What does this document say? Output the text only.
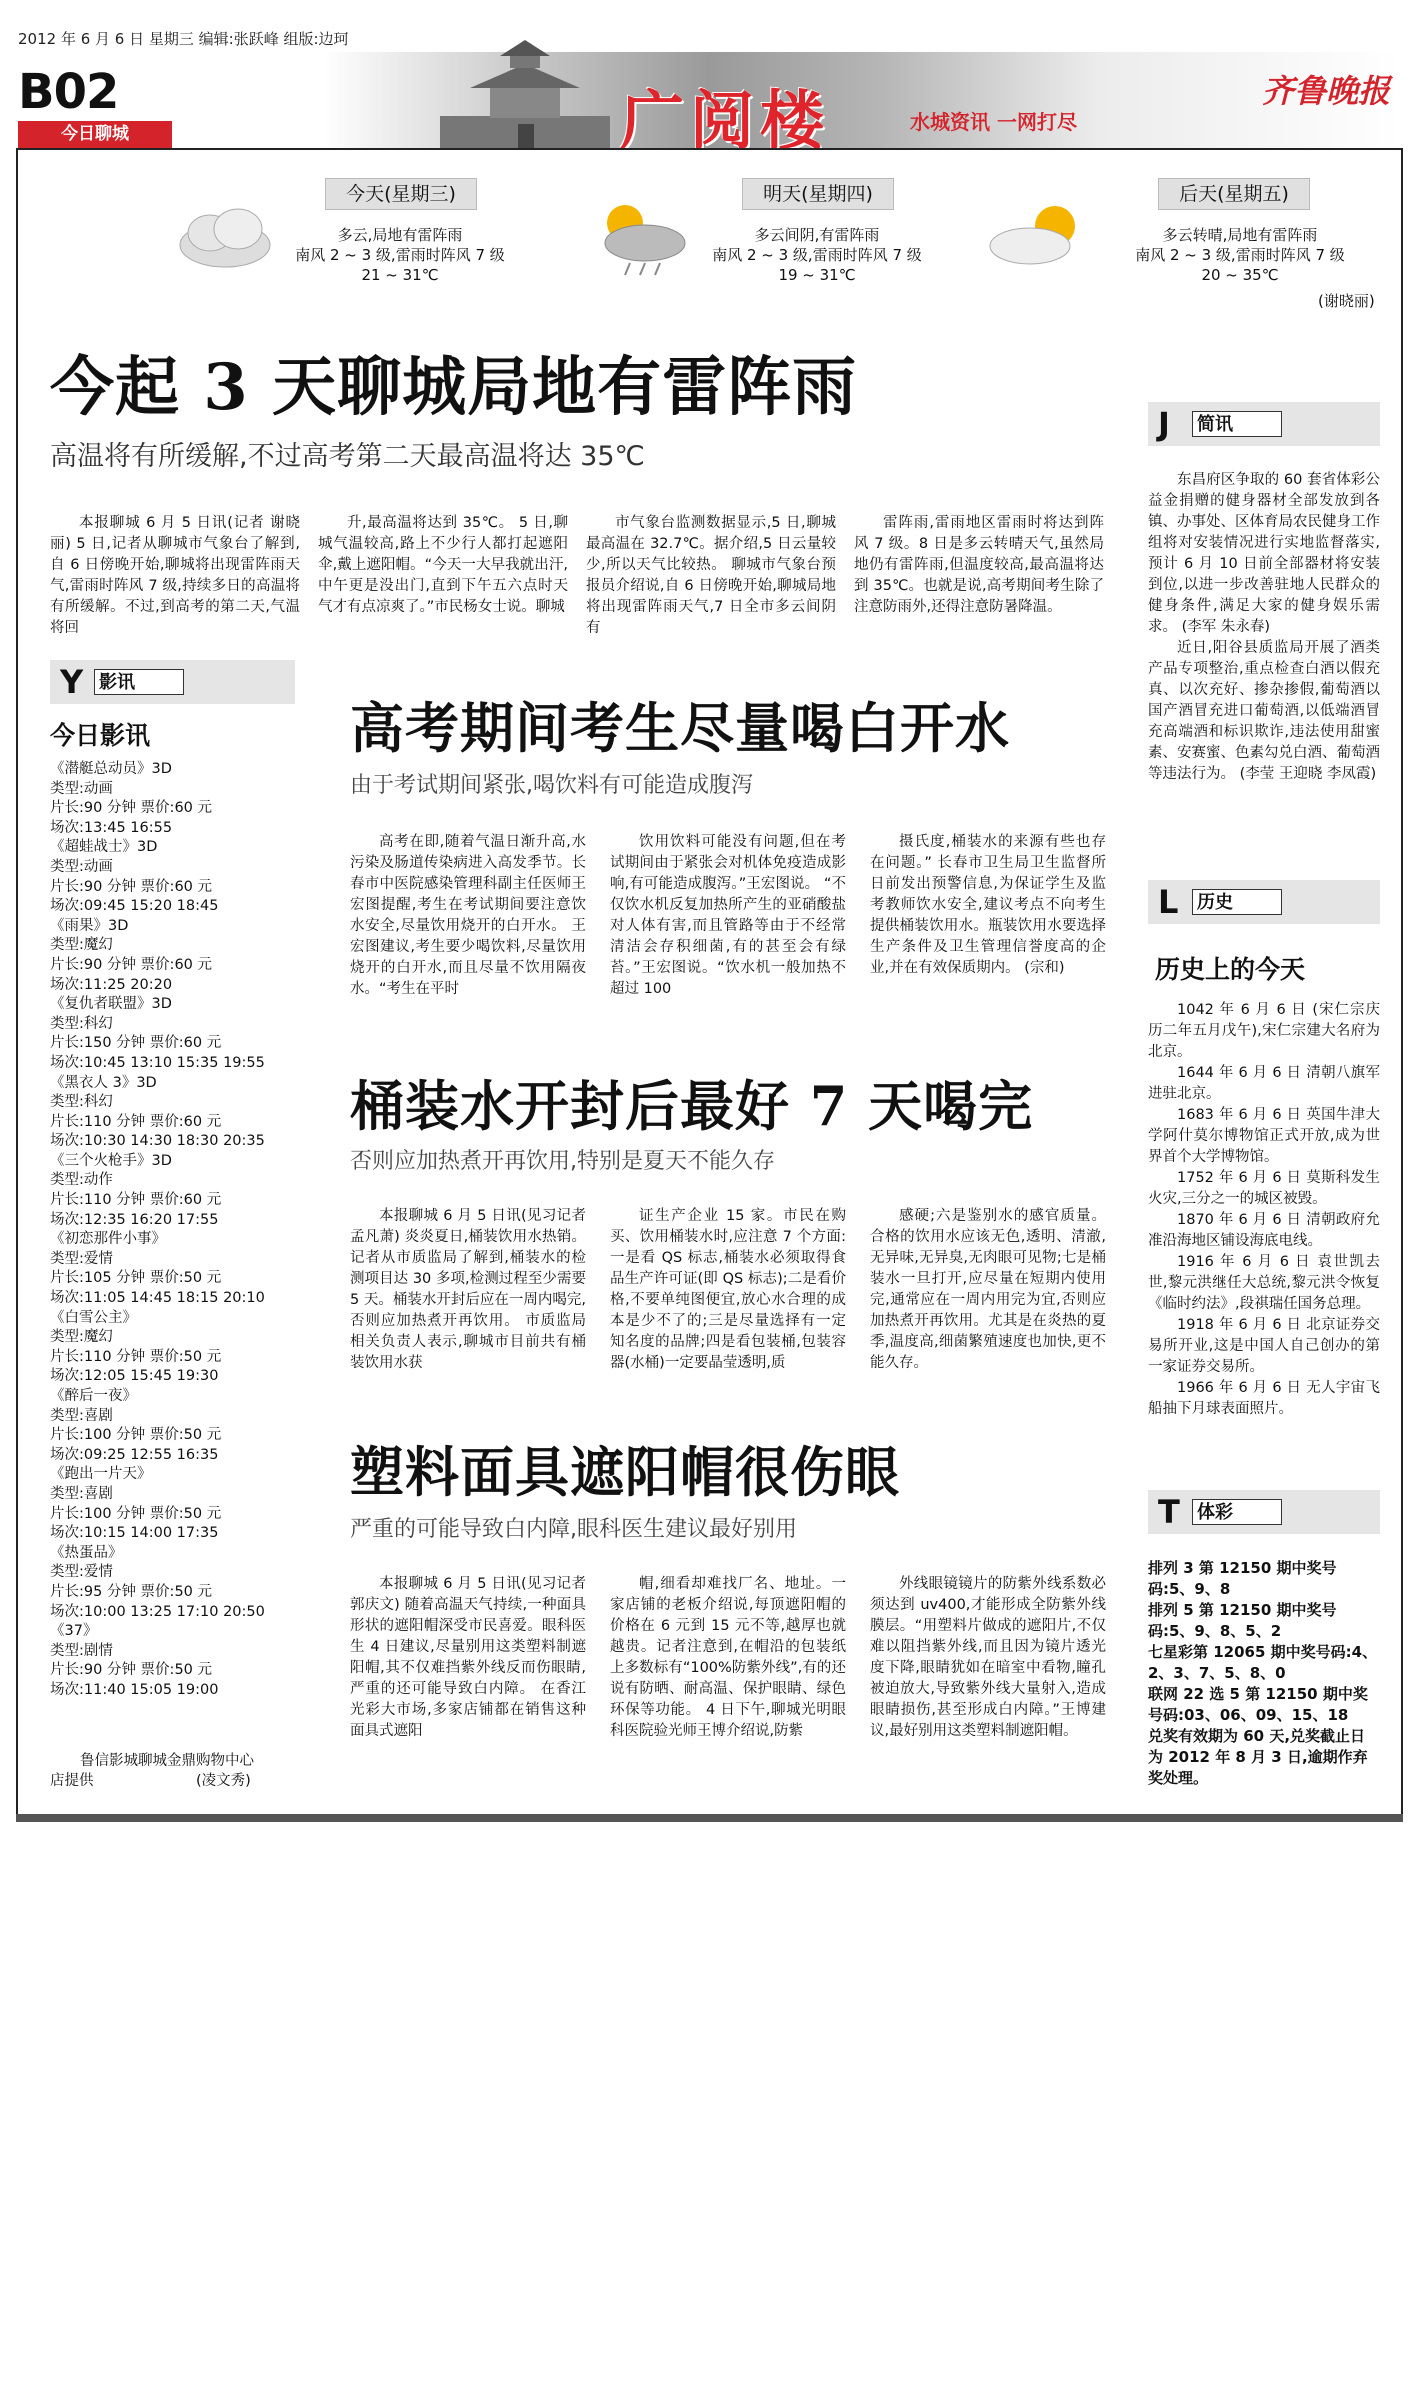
2012 年 6 月 6 日 星期三 编辑:张跃峰 组版:边珂
B02
今日聊城	广阅楼	水城资讯 一网打尽
齐鲁晚报
今天(星期三)
多云,局地有雷阵雨
南风 2 ~ 3 级,雷雨时阵风 7 级
21 ~ 31℃
明天(星期四)
多云间阴,有雷阵雨
南风 2 ~ 3 级,雷雨时阵风 7 级
19 ~ 31℃
后天(星期五)
多云转晴,局地有雷阵雨
南风 2 ~ 3 级,雷雨时阵风 7 级
20 ~ 35℃
(谢晓丽)
今起 3 天聊城局地有雷阵雨
高温将有所缓解,不过高考第二天最高温将达 35℃

本报聊城 6 月 5 日讯(记者 谢晓丽) 5 日,记者从聊城市气象台了解到,自 6 日傍晚开始,聊城将出现雷阵雨天气,雷雨时阵风 7 级,持续多日的高温将有所缓解。不过,到高考的第二天,气温将回

升,最高温将达到 35℃。 5 日,聊城气温较高,路上不少行人都打起遮阳伞,戴上遮阳帽。“今天一大早我就出汗,中午更是没出门,直到下午五六点时天气才有点凉爽了。”市民杨女士说。聊城

市气象台监测数据显示,5 日,聊城最高温在 32.7℃。据介绍,5 日云量较少,所以天气比较热。 聊城市气象台预报员介绍说,自 6 日傍晚开始,聊城局地将出现雷阵雨天气,7 日全市多云间阴有

雷阵雨,雷雨地区雷雨时将达到阵风 7 级。8 日是多云转晴天气,虽然局地仍有雷阵雨,但温度较高,最高温将达到 35℃。也就是说,高考期间考生除了注意防雨外,还得注意防暑降温。

高考期间考生尽量喝白开水
由于考试期间紧张,喝饮料有可能造成腹泻

高考在即,随着气温日渐升高,水污染及肠道传染病进入高发季节。长春市中医院感染管理科副主任医师王宏图提醒,考生在考试期间要注意饮水安全,尽量饮用烧开的白开水。 王宏图建议,考生要少喝饮料,尽量饮用烧开的白开水,而且尽量不饮用隔夜水。“考生在平时

饮用饮料可能没有问题,但在考试期间由于紧张会对机体免疫造成影响,有可能造成腹泻。”王宏图说。 “不仅饮水机反复加热所产生的亚硝酸盐对人体有害,而且管路等由于不经常清洁会存积细菌,有的甚至会有绿苔。”王宏图说。“饮水机一般加热不超过 100

摄氏度,桶装水的来源有些也存在问题。” 长春市卫生局卫生监督所日前发出预警信息,为保证学生及监考教师饮水安全,建议考点不向考生提供桶装饮用水。瓶装饮用水要选择生产条件及卫生管理信誉度高的企业,并在有效保质期内。 (宗和)

桶装水开封后最好 7 天喝完
否则应加热煮开再饮用,特别是夏天不能久存

本报聊城 6 月 5 日讯(见习记者 孟凡萧) 炎炎夏日,桶装饮用水热销。记者从市质监局了解到,桶装水的检测项目达 30 多项,检测过程至少需要 5 天。桶装水开封后应在一周内喝完,否则应加热煮开再饮用。 市质监局相关负责人表示,聊城市目前共有桶装饮用水获

证生产企业 15 家。市民在购买、饮用桶装水时,应注意 7 个方面:一是看 QS 标志,桶装水必须取得食品生产许可证(即 QS 标志);二是看价格,不要单纯图便宜,放心水合理的成本是少不了的;三是尽量选择有一定知名度的品牌;四是看包装桶,包装容器(水桶)一定要晶莹透明,质

感硬;六是鉴别水的感官质量。合格的饮用水应该无色,透明、清澈,无异味,无异臭,无肉眼可见物;七是桶装水一旦打开,应尽量在短期内使用完,通常应在一周内用完为宜,否则应加热煮开再饮用。尤其是在炎热的夏季,温度高,细菌繁殖速度也加快,更不能久存。

塑料面具遮阳帽很伤眼
严重的可能导致白内障,眼科医生建议最好别用

本报聊城 6 月 5 日讯(见习记者 郭庆文) 随着高温天气持续,一种面具形状的遮阳帽深受市民喜爱。眼科医生 4 日建议,尽量别用这类塑料制遮阳帽,其不仅难挡紫外线反而伤眼睛,严重的还可能导致白内障。 在香江光彩大市场,多家店铺都在销售这种面具式遮阳

帽,细看却难找厂名、地址。一家店铺的老板介绍说,每顶遮阳帽的价格在 6 元到 15 元不等,越厚也就越贵。记者注意到,在帽沿的包装纸上多数标有“100%防紫外线”,有的还说有防晒、耐高温、保护眼睛、绿色环保等功能。 4 日下午,聊城光明眼科医院验光师王博介绍说,防紫

外线眼镜镜片的防紫外线系数必须达到 uv400,才能形成全防紫外线膜层。“用塑料片做成的遮阳片,不仅难以阻挡紫外线,而且因为镜片透光度下降,眼睛犹如在暗室中看物,瞳孔被迫放大,导致紫外线大量射入,造成眼睛损伤,甚至形成白内障。”王博建议,最好别用这类塑料制遮阳帽。

Y 影讯
今日影讯
《潜艇总动员》3D
类型:动画
片长:90 分钟 票价:60 元
场次:13:45 16:55
《超蛙战士》3D
类型:动画
片长:90 分钟 票价:60 元
场次:09:45 15:20 18:45
《雨果》3D
类型:魔幻
片长:90 分钟 票价:60 元
场次:11:25 20:20
《复仇者联盟》3D
类型:科幻
片长:150 分钟 票价:60 元
场次:10:45 13:10 15:35 19:55
《黑衣人 3》3D
类型:科幻
片长:110 分钟 票价:60 元
场次:10:30 14:30 18:30 20:35
《三个火枪手》3D
类型:动作
片长:110 分钟 票价:60 元
场次:12:35 16:20 17:55
《初恋那件小事》
类型:爱情
片长:105 分钟 票价:50 元
场次:11:05 14:45 18:15 20:10
《白雪公主》
类型:魔幻
片长:110 分钟 票价:50 元
场次:12:05 15:45 19:30
《醉后一夜》
类型:喜剧
片长:100 分钟 票价:50 元
场次:09:25 12:55 16:35
《跑出一片天》
类型:喜剧
片长:100 分钟 票价:50 元
场次:10:15 14:00 17:35
《热蛋品》
类型:爱情
片长:95 分钟 票价:50 元
场次:10:00 13:25 17:10 20:50
《37》
类型:剧情
片长:90 分钟 票价:50 元
场次:11:40 15:05 19:00
鲁信影城聊城金鼎购物中心
店提供	(凌文秀)
J 简讯

东昌府区争取的 60 套省体彩公益金捐赠的健身器材全部发放到各镇、办事处、区体育局农民健身工作组将对安装情况进行实地监督落实,预计 6 月 10 日前全部器材将安装到位,以进一步改善驻地人民群众的健身条件,满足大家的健身娱乐需求。 (李军 朱永春)

近日,阳谷县质监局开展了酒类产品专项整治,重点检查白酒以假充真、以次充好、掺杂掺假,葡萄酒以国产酒冒充进口葡萄酒,以低端酒冒充高端酒和标识欺诈,违法使用甜蜜素、安赛蜜、色素勾兑白酒、葡萄酒等违法行为。 (李莹 王迎晓 李凤霞)

L 历史
历史上的今天

1042 年 6 月 6 日 (宋仁宗庆历二年五月戊午),宋仁宗建大名府为北京。

1644 年 6 月 6 日 清朝八旗军进驻北京。

1683 年 6 月 6 日 英国牛津大学阿什莫尔博物馆正式开放,成为世界首个大学博物馆。

1752 年 6 月 6 日 莫斯科发生火灾,三分之一的城区被毁。

1870 年 6 月 6 日 清朝政府允准沿海地区铺设海底电线。

1916 年 6 月 6 日 袁世凯去世,黎元洪继任大总统,黎元洪令恢复《临时约法》,段祺瑞任国务总理。

1918 年 6 月 6 日 北京证券交易所开业,这是中国人自己创办的第一家证券交易所。

1966 年 6 月 6 日 无人宇宙飞船抽下月球表面照片。

T 体彩
排列 3 第 12150 期中奖号码:5、9、8
排列 5 第 12150 期中奖号码:5、9、8、5、2
七星彩第 12065 期中奖号码:4、2、3、7、5、8、0
联网 22 选 5 第 12150 期中奖号码:03、06、09、15、18
兑奖有效期为 60 天,兑奖截止日为 2012 年 8 月 3 日,逾期作弃奖处理。
